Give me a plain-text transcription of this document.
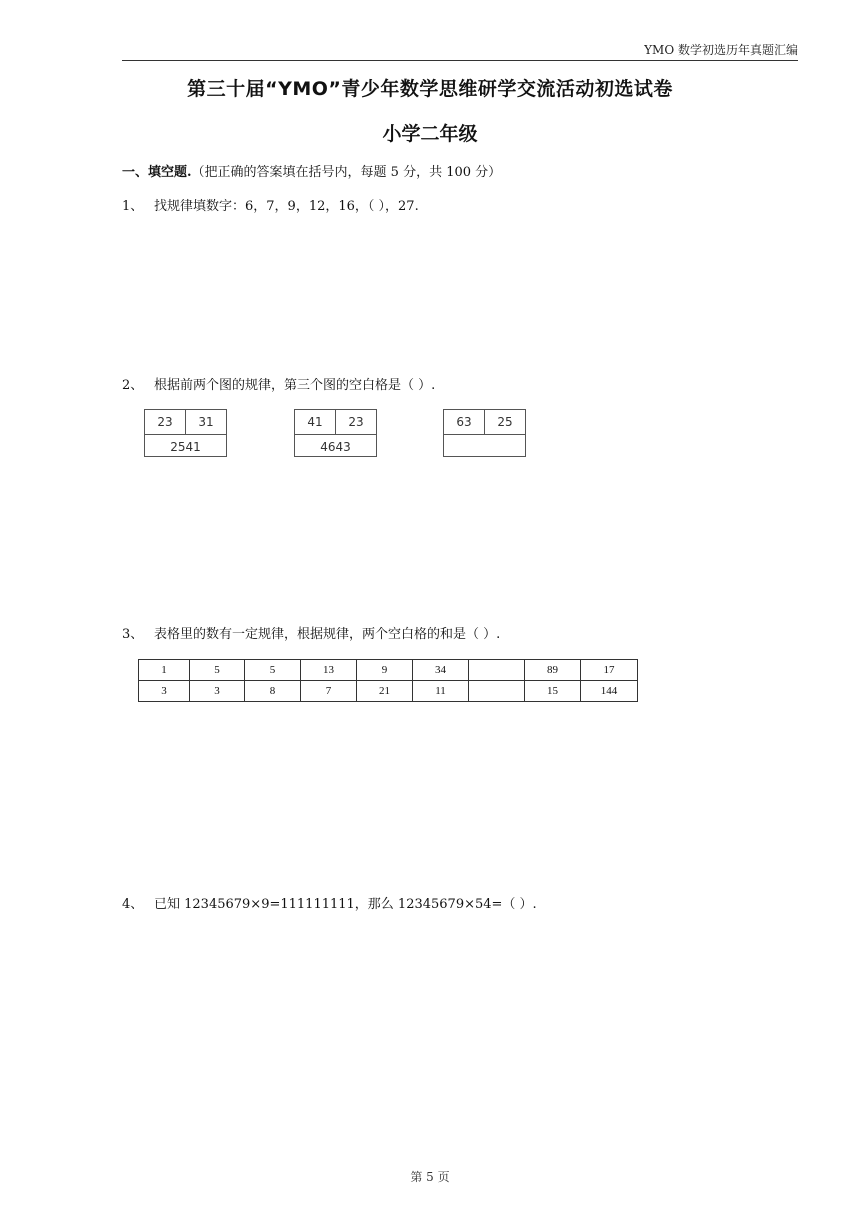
YMO 数学初选历年真题汇编
第三十届“YMO”青少年数学思维研学交流活动初选试卷
小学二年级
一、填空题.（把正确的答案填在括号内，每题 5 分，共 100 分）
1、 找规律填数字：6，7，9，12，16，（ ），27.
2、 根据前两个图的规律，第三个图的空白格是（ ）.
23	31
2541
41	23
4643
63	25
3、 表格里的数有一定规律，根据规律，两个空白格的和是（ ）.
1	5	5	13	9	34		89	17
3	3	8	7	21	11		15	144
4、 已知 12345679×9=111111111，那么 12345679×54=（ ）.
第 5 页
